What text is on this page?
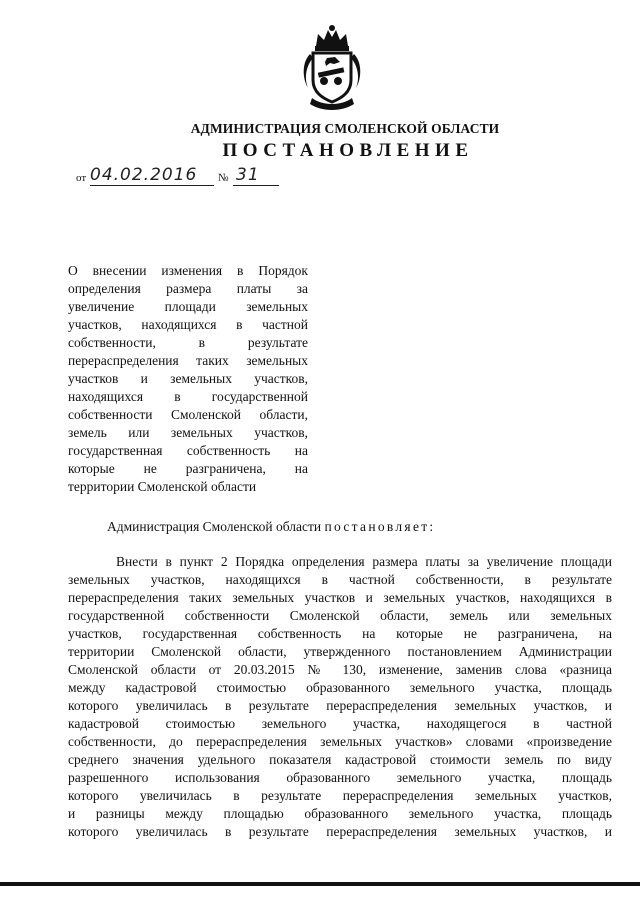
АДМИНИСТРАЦИЯ СМОЛЕНСКОЙ ОБЛАСТИ
ПОСТАНОВЛЕНИЕ
от 04.02.2016 № 31
О внесении изменения в Порядок
определения размера платы за
увеличение площади земельных
участков, находящихся в частной
собственности, в результате
перераспределения таких земельных
участков и земельных участков,
находящихся в государственной
собственности Смоленской области,
земель или земельных участков,
государственная собственность на
которые не разграничена, на
территории Смоленской области
Администрация Смоленской области постановляет:
Внести в пункт 2 Порядка определения размера платы за увеличение площади
земельных участков, находящихся в частной собственности, в результате
перераспределения таких земельных участков и земельных участков, находящихся в
государственной собственности Смоленской области, земель или земельных
участков, государственная собственность на которые не разграничена, на
территории Смоленской области, утвержденного постановлением Администрации
Смоленской области от 20.03.2015 № 130, изменение, заменив слова «разница
между кадастровой стоимостью образованного земельного участка, площадь
которого увеличилась в результате перераспределения земельных участков, и
кадастровой стоимостью земельного участка, находящегося в частной
собственности, до перераспределения земельных участков» словами «произведение
среднего значения удельного показателя кадастровой стоимости земель по виду
разрешенного использования образованного земельного участка, площадь
которого увеличилась в результате перераспределения земельных участков,
и разницы между площадью образованного земельного участка, площадь
которого увеличилась в результате перераспределения земельных участков, и
